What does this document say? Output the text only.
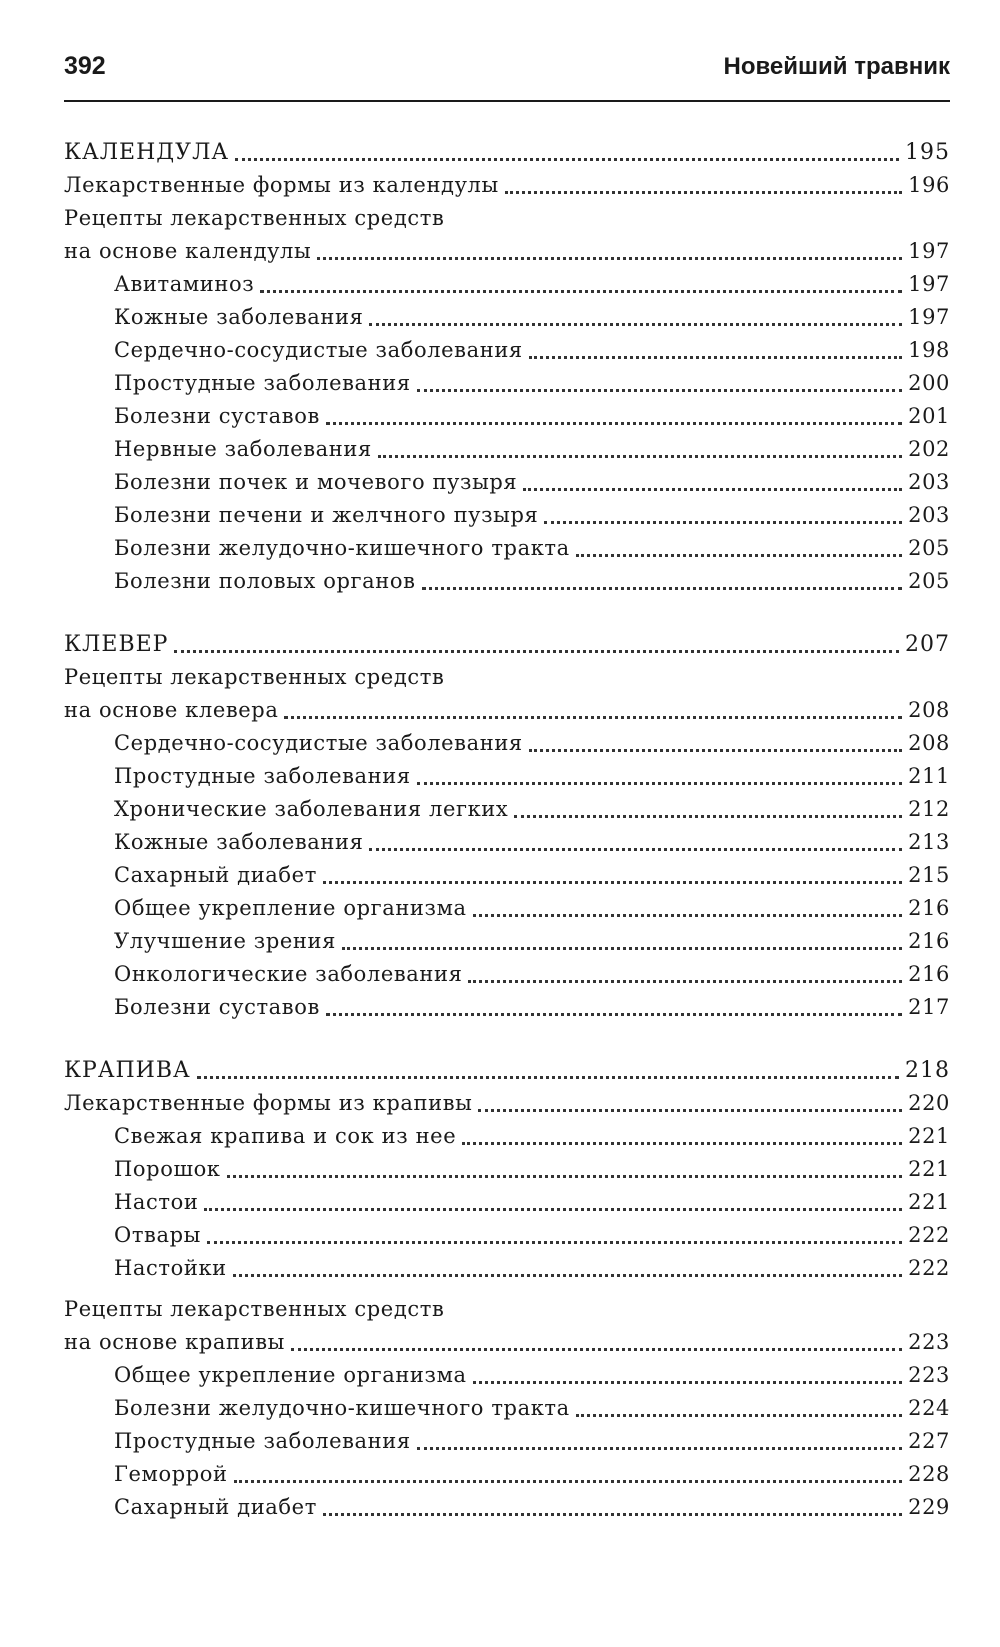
392	Новейший травник
КАЛЕНДУЛА	195
Лекарственные формы из календулы	196
Рецепты лекарственных средств
на основе календулы	197
Авитаминоз	197
Кожные заболевания	197
Сердечно-сосудистые заболевания	198
Простудные заболевания	200
Болезни суставов	201
Нервные заболевания	202
Болезни почек и мочевого пузыря	203
Болезни печени и желчного пузыря	203
Болезни желудочно-кишечного тракта	205
Болезни половых органов	205
КЛЕВЕР	207
Рецепты лекарственных средств
на основе клевера	208
Сердечно-сосудистые заболевания	208
Простудные заболевания	211
Хронические заболевания легких	212
Кожные заболевания	213
Сахарный диабет	215
Общее укрепление организма	216
Улучшение зрения	216
Онкологические заболевания	216
Болезни суставов	217
КРАПИВА	218
Лекарственные формы из крапивы	220
Свежая крапива и сок из нее	221
Порошок	221
Настои	221
Отвары	222
Настойки	222
Рецепты лекарственных средств
на основе крапивы	223
Общее укрепление организма	223
Болезни желудочно-кишечного тракта	224
Простудные заболевания	227
Геморрой	228
Сахарный диабет	229
